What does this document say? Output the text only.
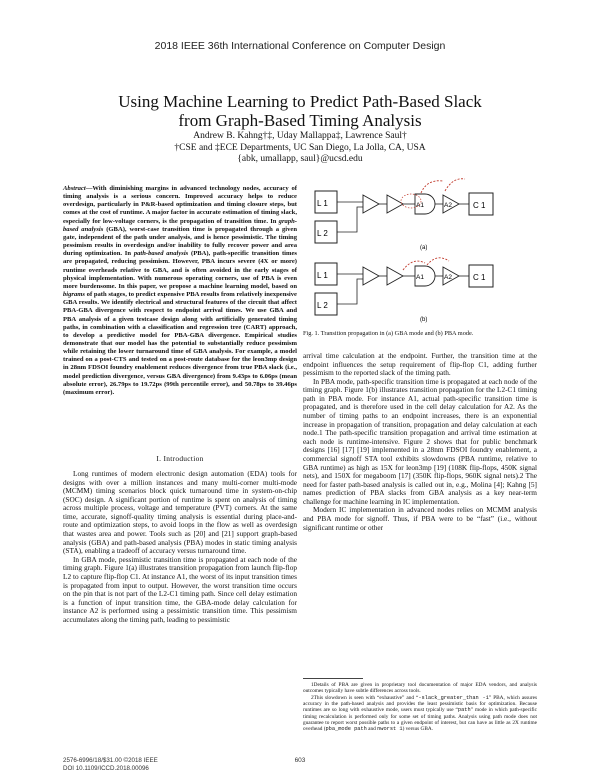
2018 IEEE 36th International Conference on Computer Design
Using Machine Learning to Predict Path-Based Slack
from Graph-Based Timing Analysis
Andrew B. Kahng†‡, Uday Mallappa‡, Lawrence Saul†
†CSE and ‡ECE Departments, UC San Diego, La Jolla, CA, USA
{abk, umallapp, saul}@ucsd.edu
Abstract—With diminishing margins in advanced technology nodes, accuracy of timing analysis is a serious concern. Improved accuracy helps to reduce overdesign, particularly in P&R-based optimization and timing closure steps, but comes at the cost of runtime. A major factor in accurate estimation of timing slack, especially for low-voltage corners, is the propagation of transition time. In graph-based analysis (GBA), worst-case transition time is propagated through a given gate, independent of the path under analysis, and is hence pessimistic. The timing pessimism results in overdesign and/or inability to fully recover power and area during optimization. In path-based analysis (PBA), path-specific transition times are propagated, reducing pessimism. However, PBA incurs severe (4X or more) runtime overheads relative to GBA, and is often avoided in the early stages of physical implementation. With numerous operating corners, use of PBA is even more burdensome. In this paper, we propose a machine learning model, based on bigrams of path stages, to predict expensive PBA results from relatively inexpensive GBA results. We identify electrical and structural features of the circuit that affect PBA-GBA divergence with respect to endpoint arrival times. We use GBA and PBA analysis of a given testcase design along with artificially generated timing paths, in combination with a classification and regression tree (CART) approach, to develop a predictive model for PBA-GBA divergence. Empirical studies demonstrate that our model has the potential to substantially reduce pessimism while retaining the lower turnaround time of GBA analysis. For example, a model trained on a post-CTS and tested on a post-route database for the leon3mp design in 28nm FDSOI foundry enablement reduces divergence from true PBA slack (i.e., model prediction divergence, versus GBA divergence) from 9.43ps to 6.06ps (mean absolute error), 26.79ps to 19.72ps (99th percentile error), and 50.78ps to 39.46ps (maximum error).
I. Introduction

Long runtimes of modern electronic design automation (EDA) tools for designs with over a million instances and many multi-corner multi-mode (MCMM) timing scenarios block quick turnaround time in system-on-chip (SOC) design. A significant portion of runtime is spent on analysis of timing across multiple process, voltage and temperature (PVT) corners. At the same time, accurate, signoff-quality timing analysis is essential during place-and-route and optimization steps, to avoid loops in the flow as well as overdesign that wastes area and power. Tools such as [20] and [21] support graph-based analysis (GBA) and path-based analysis (PBA) modes in static timing analysis (STA), enabling a tradeoff of accuracy versus turnaround time.

In GBA mode, pessimistic transition time is propagated at each node of the timing graph. Figure 1(a) illustrates transition propagation from launch flip-flop L2 to capture flip-flop C1. At instance A1, the worst of its input transition times is propagated from input to output. However, the worst transition time occurs on the pin that is not part of the L2-C1 timing path. Since cell delay estimation is a function of input transition time, the GBA-mode delay calculation for instance A2 is performed using a pessimistic transition time. This pessimism accumulates along the timing path, leading to pessimistic

L 1
L 2
A1	A2	C 1
(a)
L 1
L 2
A1	A2	C 1
(b)
Fig. 1. Transition propagation in (a) GBA mode and (b) PBA mode.

arrival time calculation at the endpoint. Further, the transition time at the endpoint influences the setup requirement of flip-flop C1, adding further pessimism to the reported slack of the timing path.

In PBA mode, path-specific transition time is propagated at each node of the timing graph. Figure 1(b) illustrates transition propagation for the L2-C1 timing path in PBA mode. For instance A1, actual path-specific transition time is propagated, and is therefore used in the cell delay calculation for A2. As the number of timing paths to an endpoint increases, there is an exponential increase in propagation of transition, propagation and delay calculation at each node.1 The path-specific transition propagation and arrival time estimation at each node is runtime-intensive. Figure 2 shows that for public benchmark designs [16] [17] [19] implemented in a 28nm FDSOI foundry enablement, a commercial signoff STA tool exhibits slowdowns (PBA runtime, relative to GBA runtime) as high as 15X for leon3mp [19] (108K flip-flops, 450K signal nets), and 150X for megaboom [17] (350K flip-flops, 960K signal nets).2 The need for faster path-based analysis is called out in, e.g., Molina [4]; Kahng [5] names prediction of PBA slacks from GBA analysis as a key near-term challenge for machine learning in IC implementation.

Modern IC implementation in advanced nodes relies on MCMM analysis and PBA mode for signoff. Thus, if PBA were to be “fast” (i.e., without significant runtime or other

1Details of PBA are given in proprietary tool documentation of major EDA vendors, and analysis outcomes typically have subtle differences across tools.

2This slowdown is seen with “exhaustive” and “-slack_greater_than -1” PBA, which assures accuracy in the path-based analysis and provides the least pessimistic basis for optimization. Because runtimes are so long with exhaustive mode, users must typically use “path” mode in which path-specific timing recalculation is performed only for some set of timing paths. Analysis using path mode does not guarantee to report worst possible paths to a given endpoint of interest, but can have as little as 2X runtime overhead (pba_mode path and nworst 1) versus GBA.

2576-6996/18/$31.00 ©2018 IEEE
DOI 10.1109/ICCD.2018.00096
603
